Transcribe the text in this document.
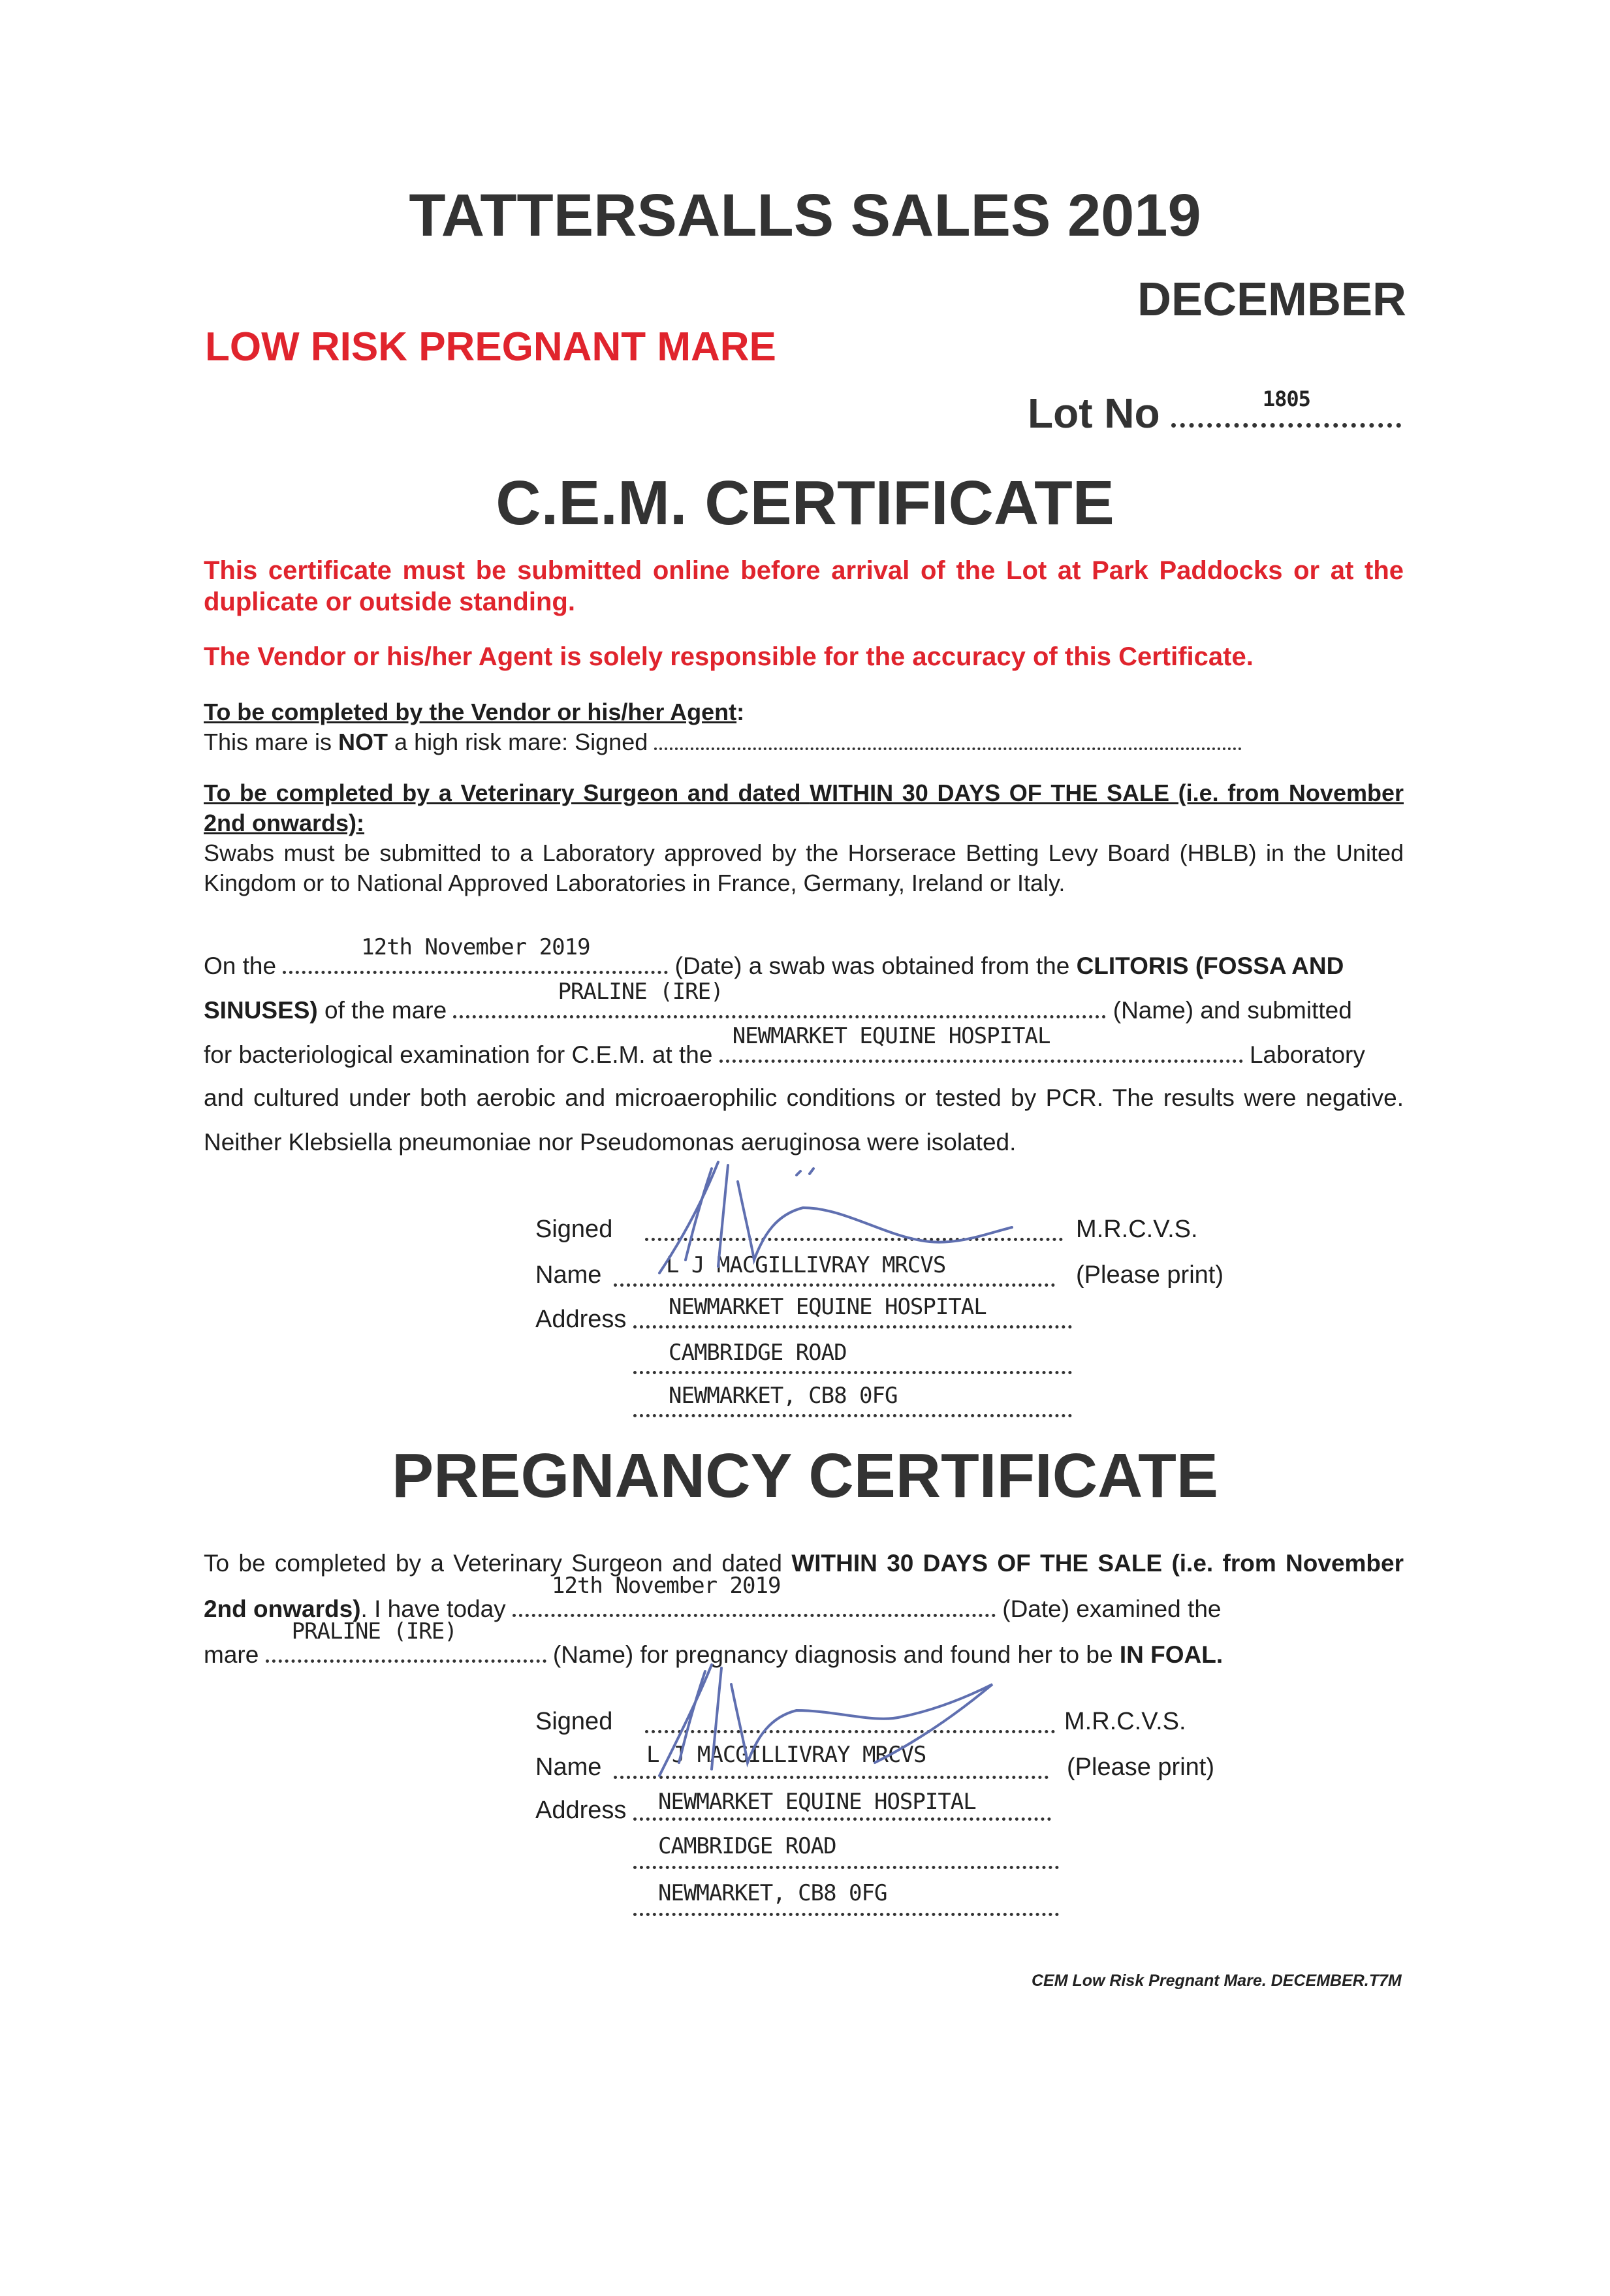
TATTERSALLS SALES 2019
DECEMBER
LOW RISK PREGNANT MARE
Lot No	1805
C.E.M. CERTIFICATE
This certificate must be submitted online before arrival of the Lot at Park Paddocks or at the duplicate or outside standing.
The Vendor or his/her Agent is solely responsible for the accuracy of this Certificate.
To be completed by the Vendor or his/her Agent:
This mare is NOT a high risk mare: Signed
To be completed by a Veterinary Surgeon and dated WITHIN 30 DAYS OF THE SALE (i.e. from November 2nd onwards):
Swabs must be submitted to a Laboratory approved by the Horserace Betting Levy Board (HBLB) in the United Kingdom or to National Approved Laboratories in France, Germany, Ireland or Italy.
On the
12th November 2019
(Date) a swab was obtained from the CLITORIS (FOSSA AND
SINUSES) of the mare
PRALINE (IRE)
(Name) and submitted
for bacteriological examination for C.E.M. at the
NEWMARKET EQUINE HOSPITAL
Laboratory
and cultured under both aerobic and microaerophilic conditions or tested by PCR. The results were negative. Neither Klebsiella pneumoniae nor Pseudomonas aeruginosa were isolated.
Signed	M.R.C.V.S.
Name	L J MACGILLIVRAY MRCVS	(Please print)
Address NEWMARKET EQUINE HOSPITAL
CAMBRIDGE ROAD
NEWMARKET, CB8 0FG
PREGNANCY CERTIFICATE
To be completed by a Veterinary Surgeon and dated WITHIN 30 DAYS OF THE SALE (i.e. from November 2nd onwards). I have today
12th November 2019
(Date) examined the
mare
PRALINE (IRE)
(Name) for pregnancy diagnosis and found her to be IN FOAL.
Signed	M.R.C.V.S.
Name L J MACGILLIVRAY MRCVS	(Please print)
Address NEWMARKET EQUINE HOSPITAL
CAMBRIDGE ROAD
NEWMARKET, CB8 0FG
CEM Low Risk Pregnant Mare. DECEMBER.T7M
